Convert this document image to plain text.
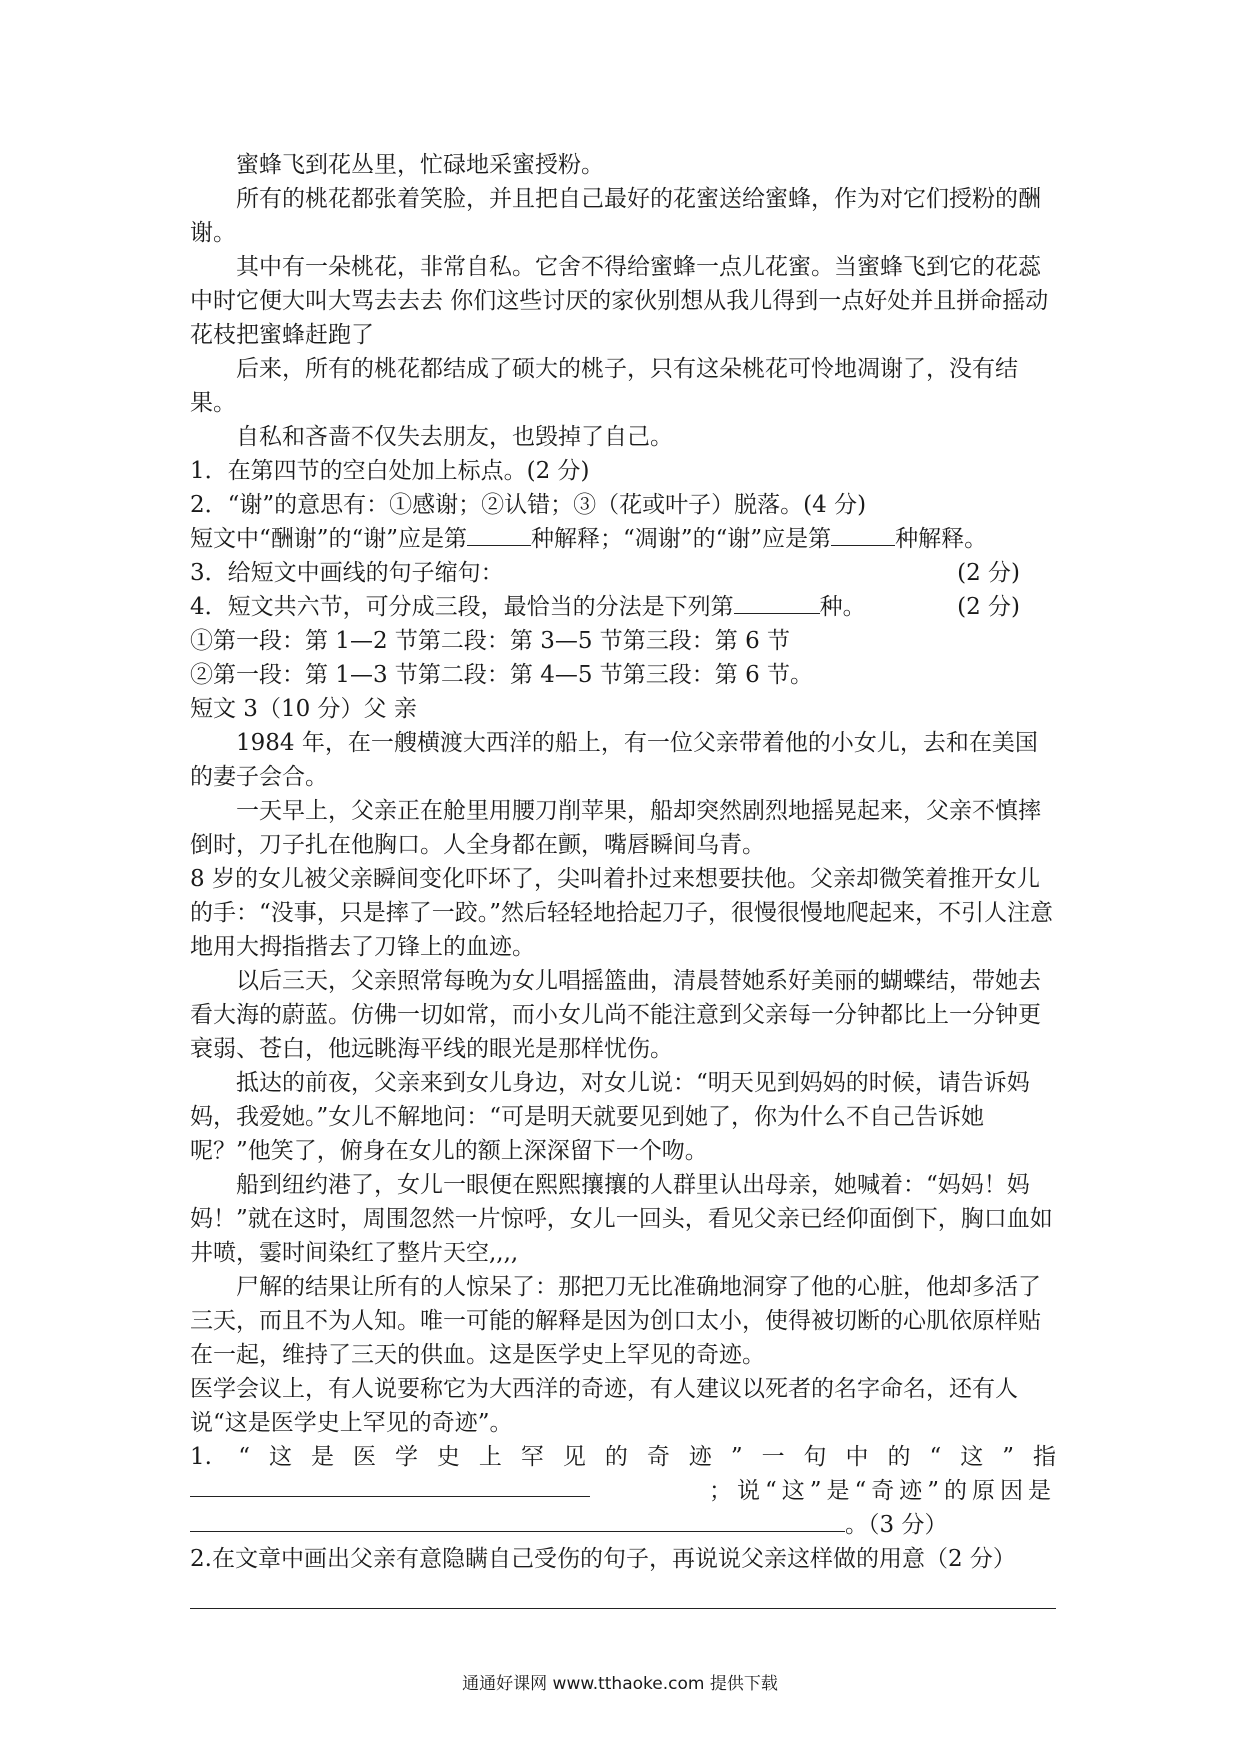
蜜蜂飞到花丛里，忙碌地采蜜授粉。

所有的桃花都张着笑脸，并且把自己最好的花蜜送给蜜蜂，作为对它们授粉的酬谢。

其中有一朵桃花，非常自私。它舍不得给蜜蜂一点儿花蜜。当蜜蜂飞到它的花蕊中时它便大叫大骂去去去 你们这些讨厌的家伙别想从我儿得到一点好处并且拼命摇动　花枝把蜜蜂赶跑了

后来，所有的桃花都结成了硕大的桃子，只有这朵桃花可怜地凋谢了，没有结果。

自私和吝啬不仅失去朋友，也毁掉了自己。

1．在第四节的空白处加上标点。(2 分)

2．“谢”的意思有：①感谢；②认错；③（花或叶子）脱落。(4 分)

短文中“酬谢”的“谢”应是第	种解释；“凋谢”的“谢”应是第	种解释。

3．给短文中画线的句子缩句：	(2 分)
4．短文共六节，可分成三段，最恰当的分法是下列第	种。	(2 分)

①第一段：第 1—2 节第二段：第 3—5 节第三段：第 6 节

②第一段：第 1—3 节第二段：第 4—5 节第三段：第 6 节。

短文 3（10 分）父 亲

1984 年，在一艘横渡大西洋的船上，有一位父亲带着他的小女儿，去和在美国的妻子会合。

一天早上，父亲正在舱里用腰刀削苹果，船却突然剧烈地摇晃起来，父亲不慎摔倒时，刀子扎在他胸口。人全身都在颤，嘴唇瞬间乌青。

8 岁的女儿被父亲瞬间变化吓坏了，尖叫着扑过来想要扶他。父亲却微笑着推开女儿的手：“没事，只是摔了一跤。”然后轻轻地拾起刀子，很慢很慢地爬起来，不引人注意地用大拇指揩去了刀锋上的血迹。

以后三天，父亲照常每晚为女儿唱摇篮曲，清晨替她系好美丽的蝴蝶结，带她去看大海的蔚蓝。仿佛一切如常，而小女儿尚不能注意到父亲每一分钟都比上一分钟更衰弱、苍白，他远眺海平线的眼光是那样忧伤。

抵达的前夜，父亲来到女儿身边，对女儿说：“明天见到妈妈的时候，请告诉妈妈，我爱她。”女儿不解地问：“可是明天就要见到她了，你为什么不自己告诉她呢？”他笑了，俯身在女儿的额上深深留下一个吻。

船到纽约港了，女儿一眼便在熙熙攘攘的人群里认出母亲，她喊着：“妈妈！妈妈！”就在这时，周围忽然一片惊呼，女儿一回头，看见父亲已经仰面倒下，胸口血如井喷，霎时间染红了整片天空,,,,

尸解的结果让所有的人惊呆了：那把刀无比准确地洞穿了他的心脏，他却多活了三天，而且不为人知。唯一可能的解释是因为创口太小，使得被切断的心肌依原样贴在一起，维持了三天的供血。这是医学史上罕见的奇迹。

医学会议上，有人说要称它为大西洋的奇迹，有人建议以死者的名字命名，还有人说“这是医学史上罕见的奇迹”。

1. “这是医学史上罕见的奇迹”一句中的“这”指

；说“这”是“奇迹”的原因是

。（3 分）

2.在文章中画出父亲有意隐瞒自己受伤的句子，再说说父亲这样做的用意（2 分）

通通好课网 www.tthaoke.com 提供下载
